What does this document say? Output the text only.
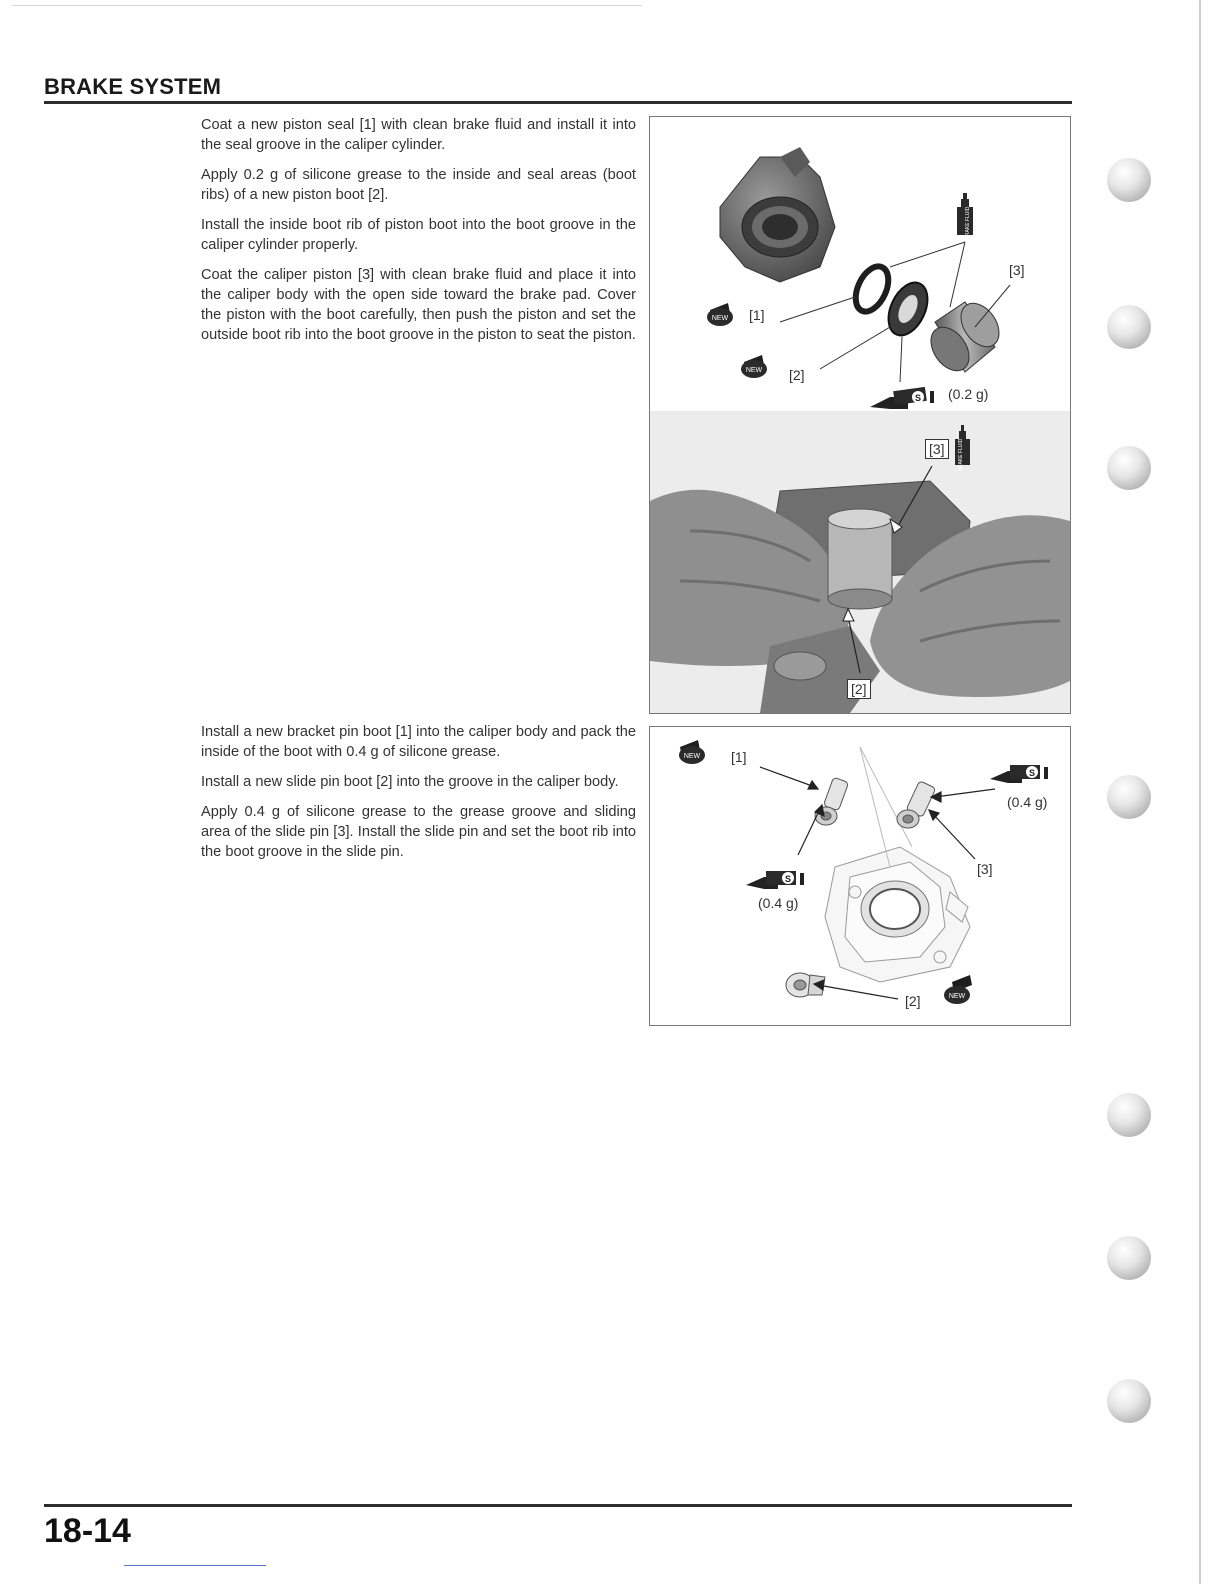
BRAKE SYSTEM

Coat a new piston seal [1] with clean brake fluid and install it into the seal groove in the caliper cylinder.

Apply 0.2 g of silicone grease to the inside and seal areas (boot ribs) of a new piston boot [2].

Install the inside boot rib of piston boot into the boot groove in the caliper cylinder properly.

Coat the caliper piston [3] with clean brake fluid and place it into the caliper body with the open side toward the brake pad. Cover the piston with the boot carefully, then push the piston and set the outside boot rib into the boot groove in the piston to seat the piston.

Install a new bracket pin boot [1] into the caliper body and pack the inside of the boot with 0.4 g of silicone grease.

Install a new slide pin boot [2] into the groove in the caliper body.

Apply 0.4 g of silicone grease to the grease groove and sliding area of the slide pin [3]. Install the slide pin and set the boot rib into the boot groove in the slide pin.

BRAKE FLUID
NEW
NEW
S
[1]
[2]
[3]
(0.2 g)
BRAKE FLUID
[3]
[2]
NEW
NEW
S
S
[1]
(0.4 g)
[3]
(0.4 g)
[2]

18-14
